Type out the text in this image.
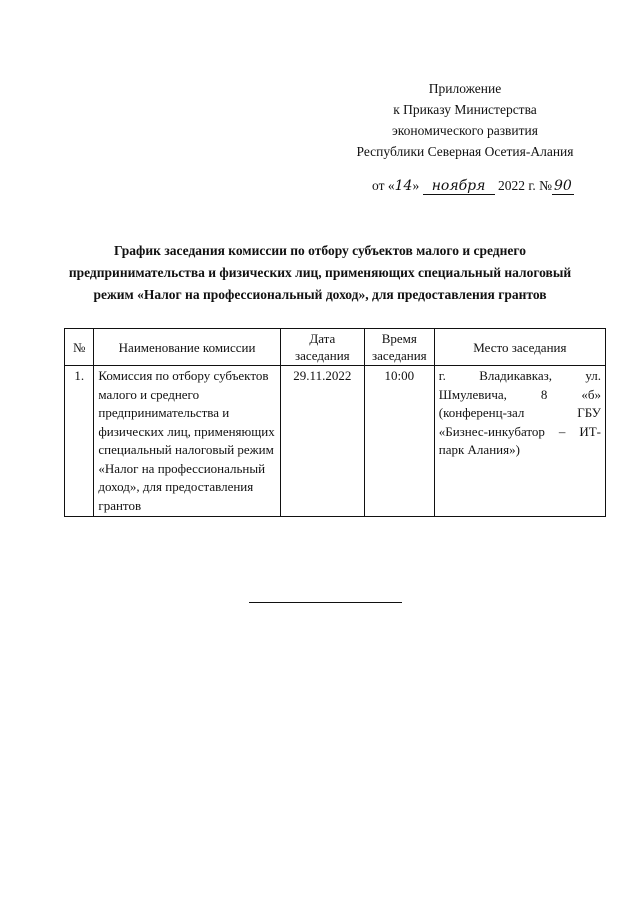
Приложение
к Приказу Министерства
экономического развития
Республики Северная Осетия-Алания
от «14» ноября 2022 г. № 90
График заседания комиссии по отбору субъектов малого и среднего предпринимательства и физических лиц, применяющих специальный налоговый режим «Налог на профессиональный доход», для предоставления грантов
№	Наименование комиссии	Дата заседания	Время заседания	Место заседания
1.	Комиссия по отбору субъектов малого и среднего предпринимательства и физических лиц, применяющих специальный налоговый режим «Налог на профессиональный доход», для предоставления грантов	29.11.2022	10:00	г. Владикавказ, ул. Шмулевича, 8 «б» (конференц-зал ГБУ «Бизнес-инкубатор – ИТ-парк Алания»)
